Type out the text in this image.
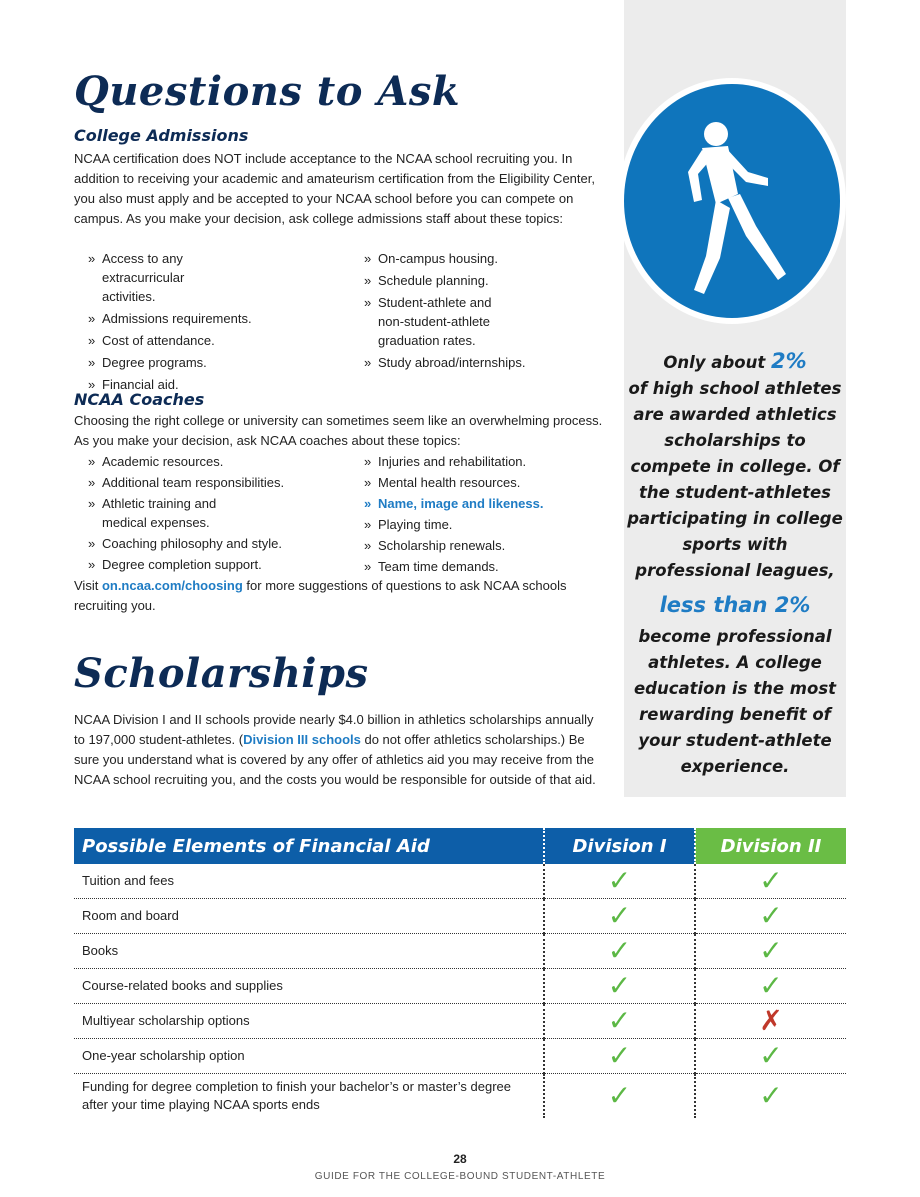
Only about 2%
of high school athletes are awarded athletics scholarships to compete in college. Of the student-athletes participating in college sports with professional leagues,
less than 2%
become professional athletes. A college education is the most rewarding benefit of your student-athlete experience.
Questions to Ask
College Admissions

NCAA certification does NOT include acceptance to the NCAA school recruiting you. In addition to receiving your academic and amateurism certification from the Eligibility Center, you also must apply and be accepted to your NCAA school before you can compete on campus. As you make your decision, ask college admissions staff about these topics:

» Access to any extracurricular activities.
» Admissions requirements.
» Cost of attendance.
» Degree programs.
» Financial aid.
» On-campus housing.
» Schedule planning.
» Student-athlete and non-student-athlete graduation rates.
» Study abroad/internships.
NCAA Coaches

Choosing the right college or university can sometimes seem like an overwhelming process. As you make your decision, ask NCAA coaches about these topics:

» Academic resources.
» Additional team responsibilities.
» Athletic training and medical expenses.
» Coaching philosophy and style.
» Degree completion support.
» Injuries and rehabilitation.
» Mental health resources.
» Name, image and likeness.
» Playing time.
» Scholarship renewals.
» Team time demands.

Visit on.ncaa.com/choosing for more suggestions of questions to ask NCAA schools recruiting you.

Scholarships

NCAA Division I and II schools provide nearly $4.0 billion in athletics scholarships annually to 197,000 student-athletes. (Division III schools do not offer athletics scholarships.) Be sure you understand what is covered by any offer of athletics aid you may receive from the NCAA school recruiting you, and the costs you would be responsible for outside of that aid.

Possible Elements of Financial Aid	Division I	Division II
Tuition and fees	✓	✓
Room and board	✓	✓
Books	✓	✓
Course-related books and supplies	✓	✓
Multiyear scholarship options	✓	✗
One-year scholarship option	✓	✓
Funding for degree completion to finish your bachelor’s or master’s degree after your time playing NCAA sports ends	✓	✓
28
GUIDE FOR THE COLLEGE-BOUND STUDENT-ATHLETE
